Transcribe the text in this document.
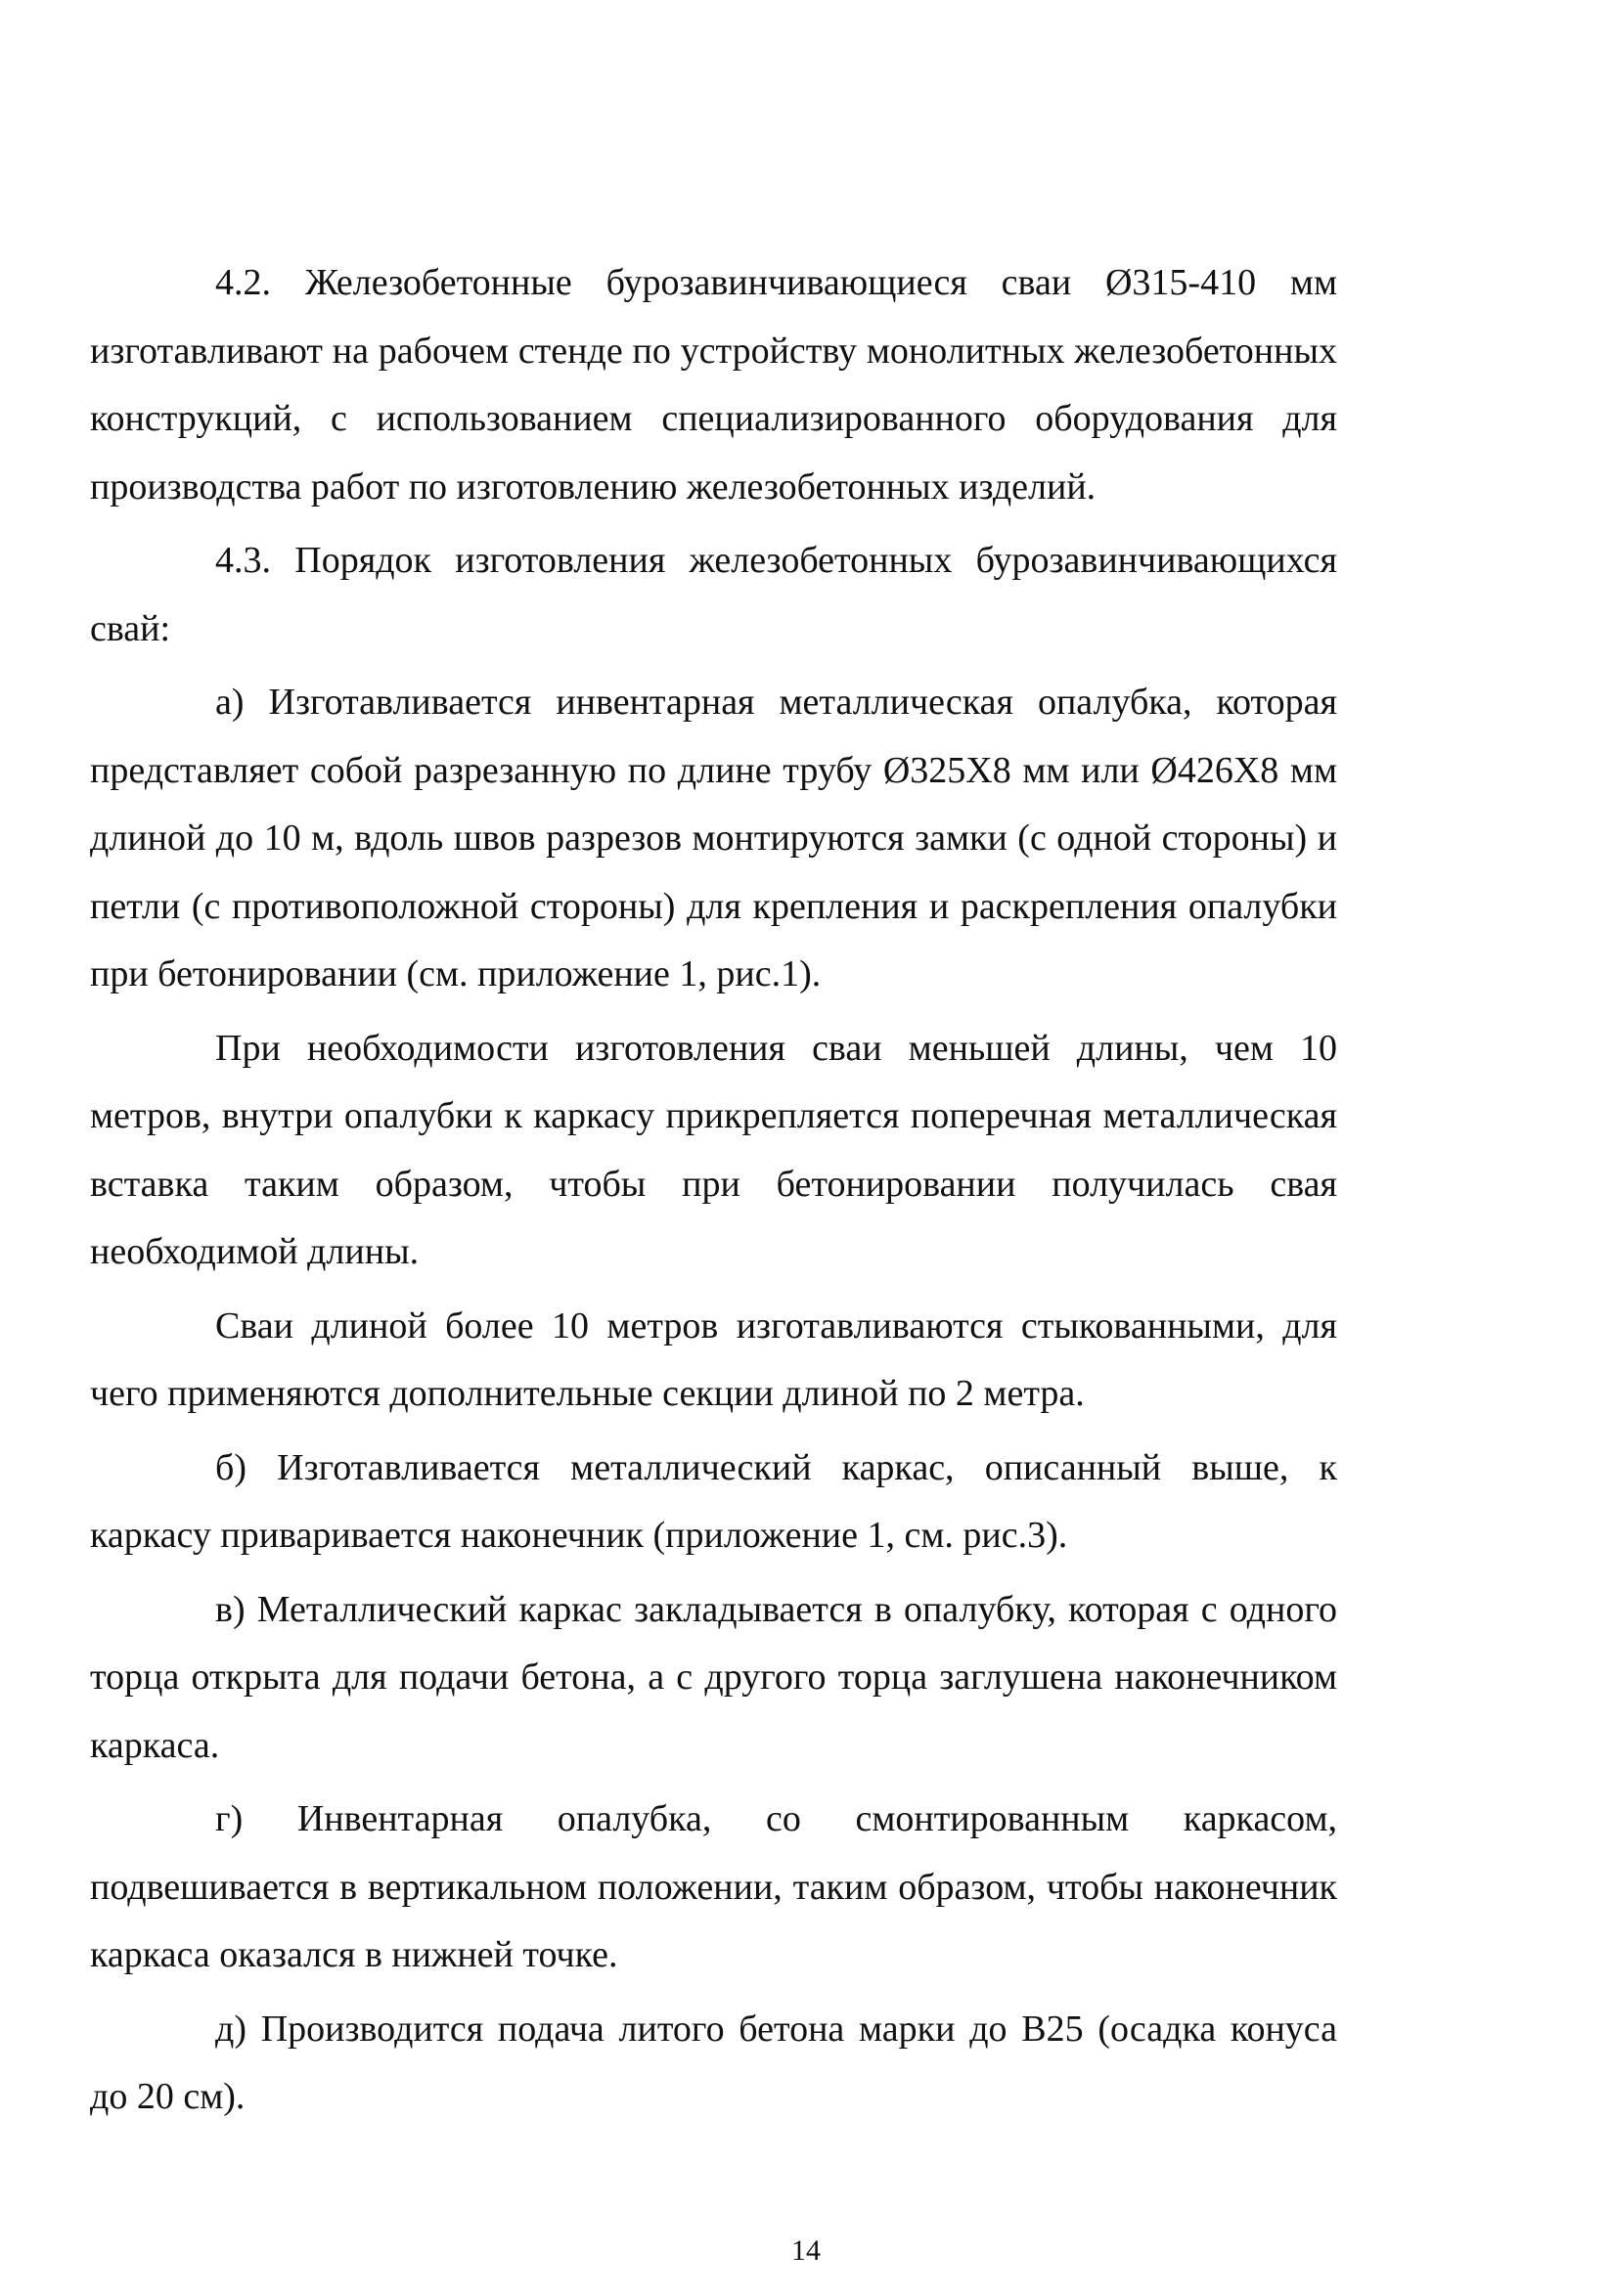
4.2. Железобетонные бурозавинчивающиеся сваи Ø315-410 мм изготавливают на рабочем стенде по устройству монолитных железобетонных конструкций, с использованием специализированного оборудования для производства работ по изготовлению железобетонных изделий.

4.3. Порядок изготовления железобетонных бурозавинчивающихся свай:

а) Изготавливается инвентарная металлическая опалубка, которая представляет собой разрезанную по длине трубу Ø325Х8 мм или Ø426Х8 мм длиной до 10 м, вдоль швов разрезов монтируются замки (с одной стороны) и петли (с противоположной стороны) для крепления и раскрепления опалубки при бетонировании (см. приложение 1, рис.1).

При необходимости изготовления сваи меньшей длины, чем 10 метров, внутри опалубки к каркасу прикрепляется поперечная металлическая вставка таким образом, чтобы при бетонировании получилась свая необходимой длины.

Сваи длиной более 10 метров изготавливаются стыкованными, для чего применяются дополнительные секции длиной по 2 метра.

б) Изготавливается металлический каркас, описанный выше, к каркасу приваривается наконечник (приложение 1, см. рис.3).

в) Металлический каркас закладывается в опалубку, которая с одного торца открыта для подачи бетона, а с другого торца заглушена наконечником каркаса.

г) Инвентарная опалубка, со смонтированным каркасом, подвешивается в вертикальном положении, таким образом, чтобы наконечник каркаса оказался в нижней точке.

д) Производится подача литого бетона марки до В25 (осадка конуса до 20 см).

14
